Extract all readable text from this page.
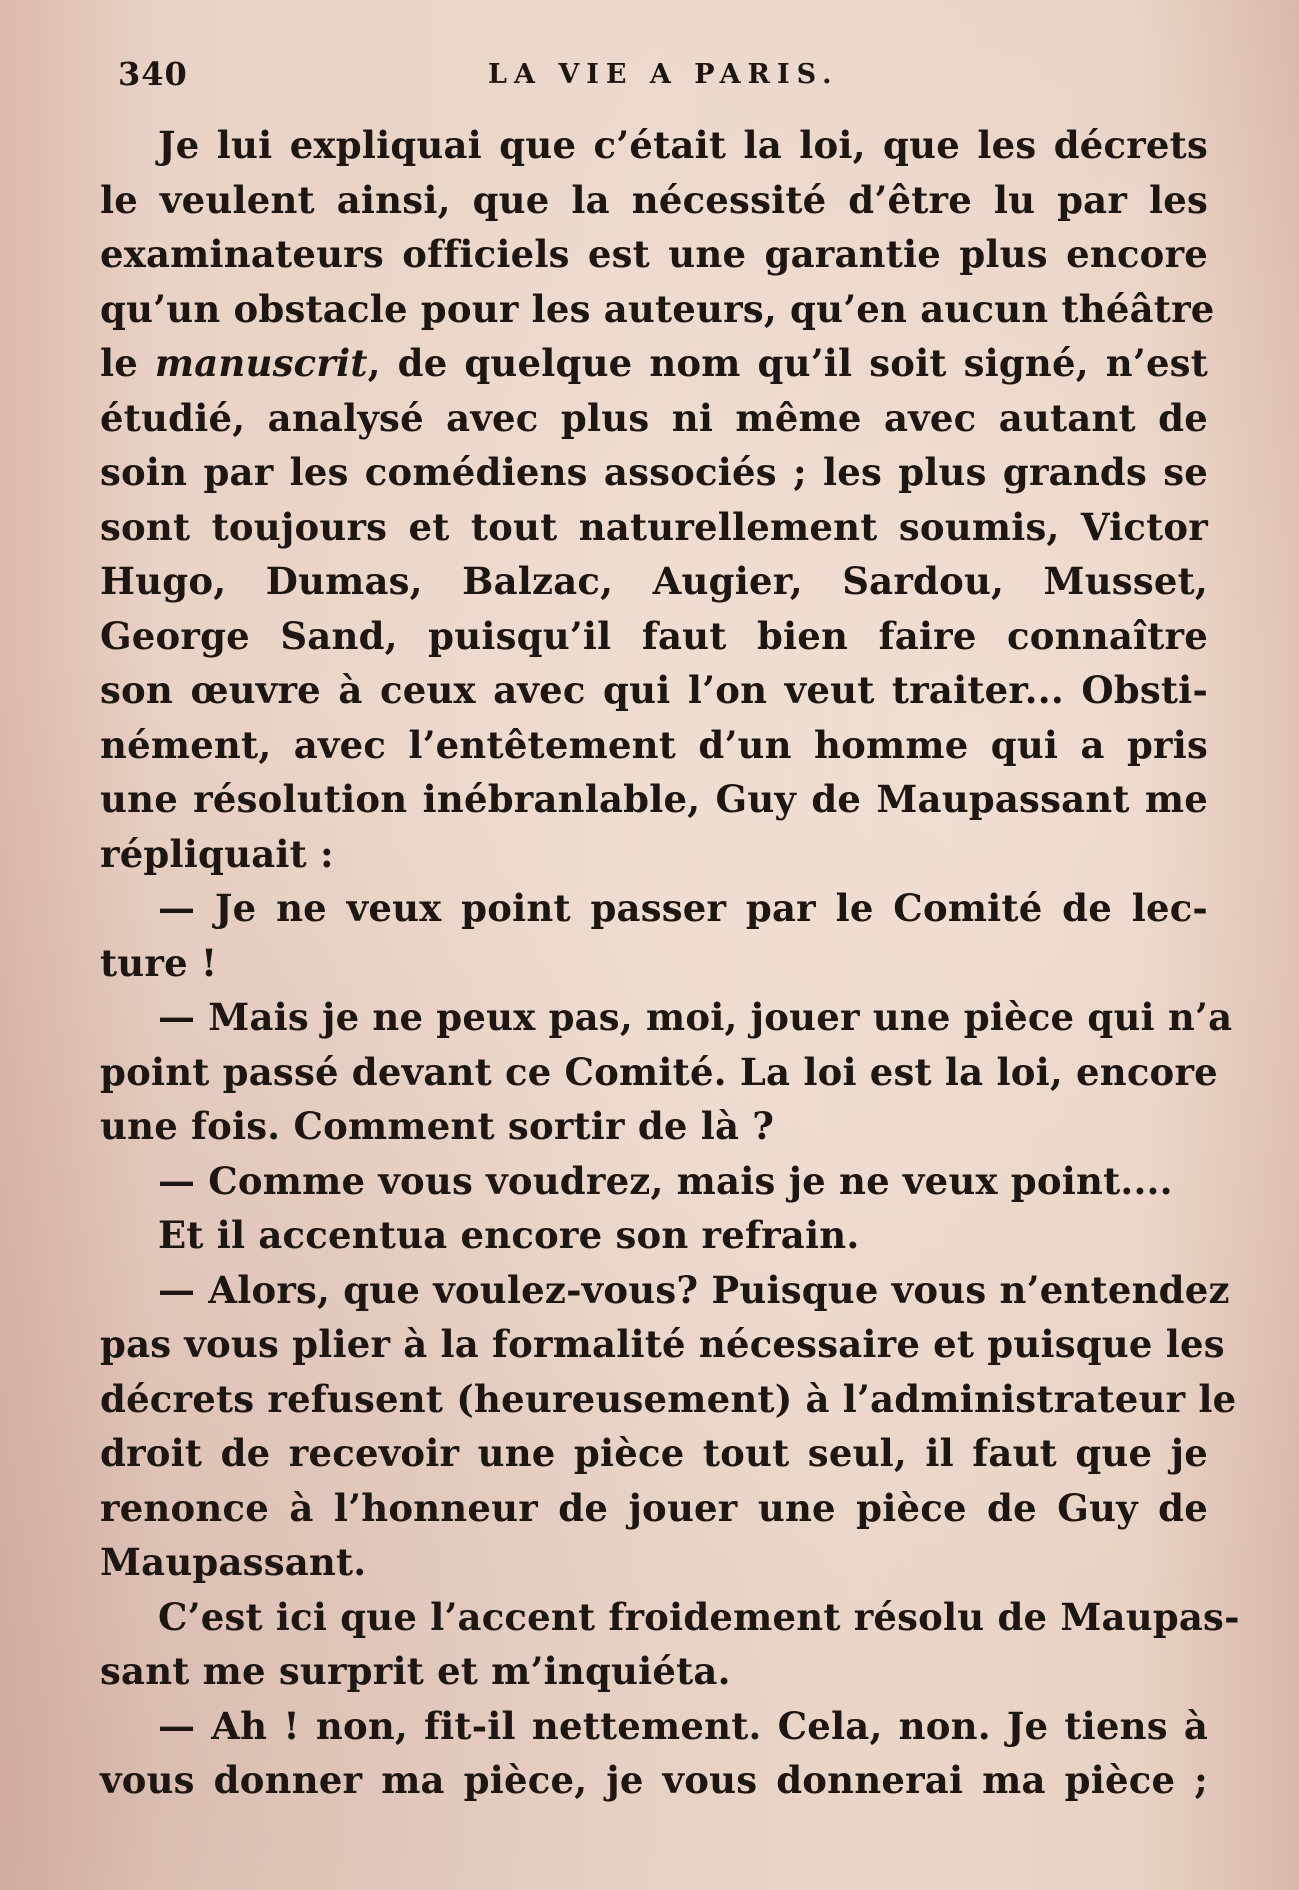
340	LA VIE A PARIS.
Je lui expliquai que c’était la loi, que les décrets
le veulent ainsi, que la nécessité d’être lu par les
examinateurs officiels est une garantie plus encore
qu’un obstacle pour les auteurs, qu’en aucun théâtre
le manuscrit, de quelque nom qu’il soit signé, n’est
étudié, analysé avec plus ni même avec autant de
soin par les comédiens associés ; les plus grands se
sont toujours et tout naturellement soumis, Victor
Hugo, Dumas, Balzac, Augier, Sardou, Musset,
George Sand, puisqu’il faut bien faire connaître
son œuvre à ceux avec qui l’on veut traiter... Obsti-
nément, avec l’entêtement d’un homme qui a pris
une résolution inébranlable, Guy de Maupassant me
répliquait :
— Je ne veux point passer par le Comité de lec-
ture !
— Mais je ne peux pas, moi, jouer une pièce qui n’a
point passé devant ce Comité. La loi est la loi, encore
une fois. Comment sortir de là ?
— Comme vous voudrez, mais je ne veux point....
Et il accentua encore son refrain.
— Alors, que voulez-vous? Puisque vous n’entendez
pas vous plier à la formalité nécessaire et puisque les
décrets refusent (heureusement) à l’administrateur le
droit de recevoir une pièce tout seul, il faut que je
renonce à l’honneur de jouer une pièce de Guy de
Maupassant.
C’est ici que l’accent froidement résolu de Maupas-
sant me surprit et m’inquiéta.
— Ah ! non, fit-il nettement. Cela, non. Je tiens à
vous donner ma pièce, je vous donnerai ma pièce ;
